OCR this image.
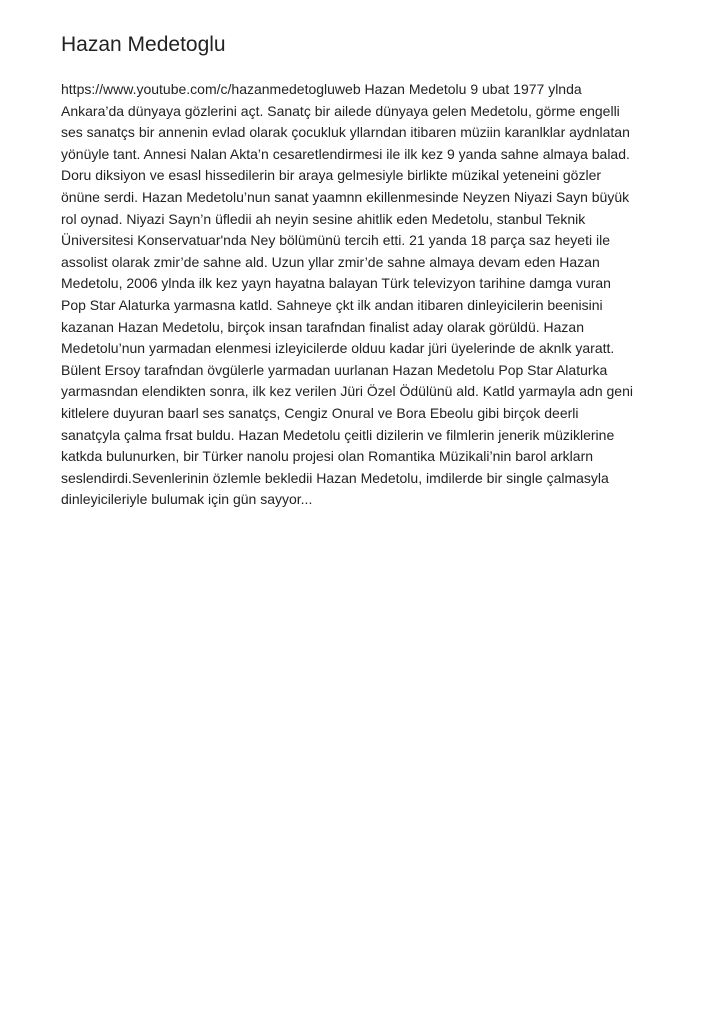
Hazan Medetoglu
https://www.youtube.com/c/hazanmedetogluweb Hazan Medetolu 9 ubat 1977 ylnda
Ankara’da dünyaya gözlerini açt. Sanatç bir ailede dünyaya gelen Medetolu, görme engelli
ses sanatçs bir annenin evlad olarak çocukluk yllarndan itibaren müziin karanlklar aydnlatan
yönüyle tant. Annesi Nalan Akta’n cesaretlendirmesi ile ilk kez 9 yanda sahne almaya balad.
Doru diksiyon ve esasl hissedilerin bir araya gelmesiyle birlikte müzikal yeteneini gözler
önüne serdi. Hazan Medetolu’nun sanat yaamnn ekillenmesinde Neyzen Niyazi Sayn büyük
rol oynad. Niyazi Sayn’n üfledii ah neyin sesine ahitlik eden Medetolu, stanbul Teknik
Üniversitesi Konservatuar'nda Ney bölümünü tercih etti. 21 yanda 18 parça saz heyeti ile
assolist olarak zmir’de sahne ald. Uzun yllar zmir’de sahne almaya devam eden Hazan
Medetolu, 2006 ylnda ilk kez yayn hayatna balayan Türk televizyon tarihine damga vuran
Pop Star Alaturka yarmasna katld. Sahneye çkt ilk andan itibaren dinleyicilerin beenisini
kazanan Hazan Medetolu, birçok insan tarafndan finalist aday olarak görüldü. Hazan
Medetolu’nun yarmadan elenmesi izleyicilerde olduu kadar jüri üyelerinde de aknlk yaratt.
Bülent Ersoy tarafndan övgülerle yarmadan uurlanan Hazan Medetolu Pop Star Alaturka
yarmasndan elendikten sonra, ilk kez verilen Jüri Özel Ödülünü ald. Katld yarmayla adn geni
kitlelere duyuran baarl ses sanatçs, Cengiz Onural ve Bora Ebeolu gibi birçok deerli
sanatçyla çalma frsat buldu. Hazan Medetolu çeitli dizilerin ve filmlerin jenerik müziklerine
katkda bulunurken, bir Türker nanolu projesi olan Romantika Müzikali’nin barol arklarn
seslendirdi.Sevenlerinin özlemle bekledii Hazan Medetolu, imdilerde bir single çalmasyla
dinleyicileriyle bulumak için gün sayyor...
